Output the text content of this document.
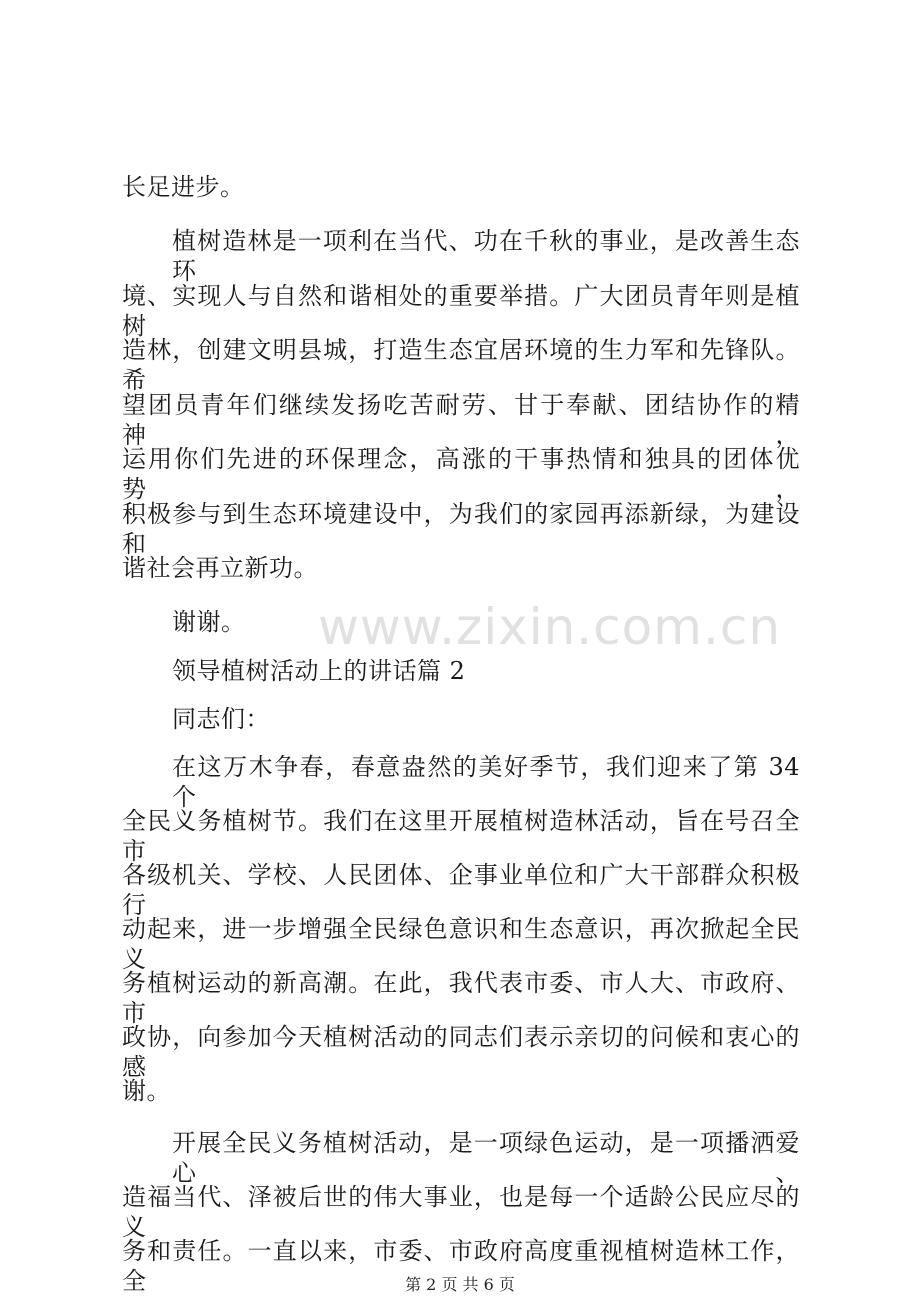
www.zixin.com.cn
长足进步。
植树造林是一项利在当代、功在千秋的事业，是改善生态环
境、实现人与自然和谐相处的重要举措。广大团员青年则是植树
造林，创建文明县城，打造生态宜居环境的生力军和先锋队。希
望团员青年们继续发扬吃苦耐劳、甘于奉献、团结协作的精神，
运用你们先进的环保理念，高涨的干事热情和独具的团体优势，
积极参与到生态环境建设中，为我们的家园再添新绿，为建设和
谐社会再立新功。
谢谢。
领导植树活动上的讲话篇 2
同志们：
在这万木争春，春意盎然的美好季节，我们迎来了第 34 个
全民义务植树节。我们在这里开展植树造林活动，旨在号召全市
各级机关、学校、人民团体、企事业单位和广大干部群众积极行
动起来，进一步增强全民绿色意识和生态意识，再次掀起全民义
务植树运动的新高潮。在此，我代表市委、市人大、市政府、市
政协，向参加今天植树活动的同志们表示亲切的问候和衷心的感
谢。
开展全民义务植树活动，是一项绿色运动，是一项播洒爱心、
造福当代、泽被后世的伟大事业，也是每一个适龄公民应尽的义
务和责任。一直以来，市委、市政府高度重视植树造林工作，全	第 2 页 共 6 页
